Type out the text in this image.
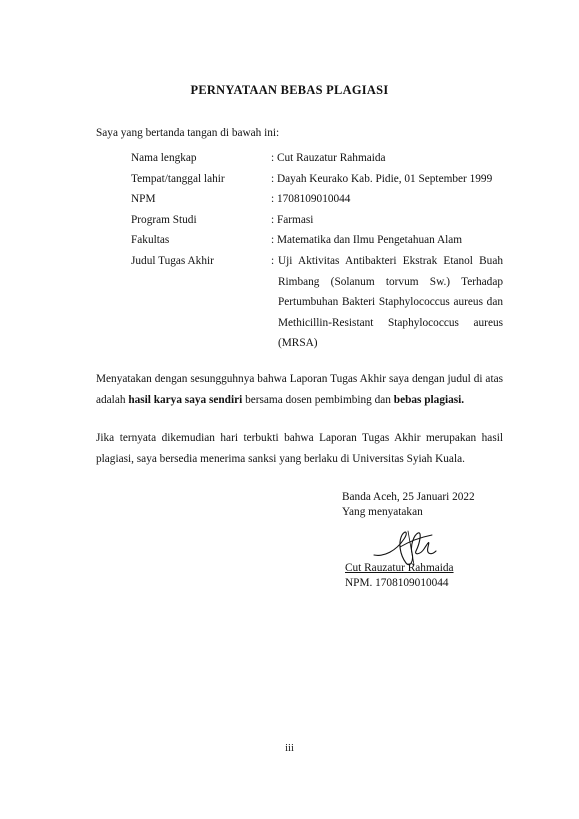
PERNYATAAN BEBAS PLAGIASI
Saya yang bertanda tangan di bawah ini:
Nama lengkap	: Cut Rauzatur Rahmaida
Tempat/tanggal lahir	: Dayah Keurako Kab. Pidie, 01 September 1999
NPM	: 1708109010044
Program Studi	: Farmasi
Fakultas	: Matematika dan Ilmu Pengetahuan Alam
Judul Tugas Akhir	: Uji Aktivitas Antibakteri Ekstrak Etanol Buah Rimbang (Solanum torvum Sw.) Terhadap Pertumbuhan Bakteri Staphylococcus aureus dan Methicillin-Resistant Staphylococcus aureus (MRSA)
Menyatakan dengan sesungguhnya bahwa Laporan Tugas Akhir saya dengan judul di atas adalah hasil karya saya sendiri bersama dosen pembimbing dan bebas plagiasi.
Jika ternyata dikemudian hari terbukti bahwa Laporan Tugas Akhir merupakan hasil plagiasi, saya bersedia menerima sanksi yang berlaku di Universitas Syiah Kuala.
Banda Aceh, 25 Januari 2022
Yang menyatakan
Cut Rauzatur Rahmaida
NPM. 1708109010044
iii
